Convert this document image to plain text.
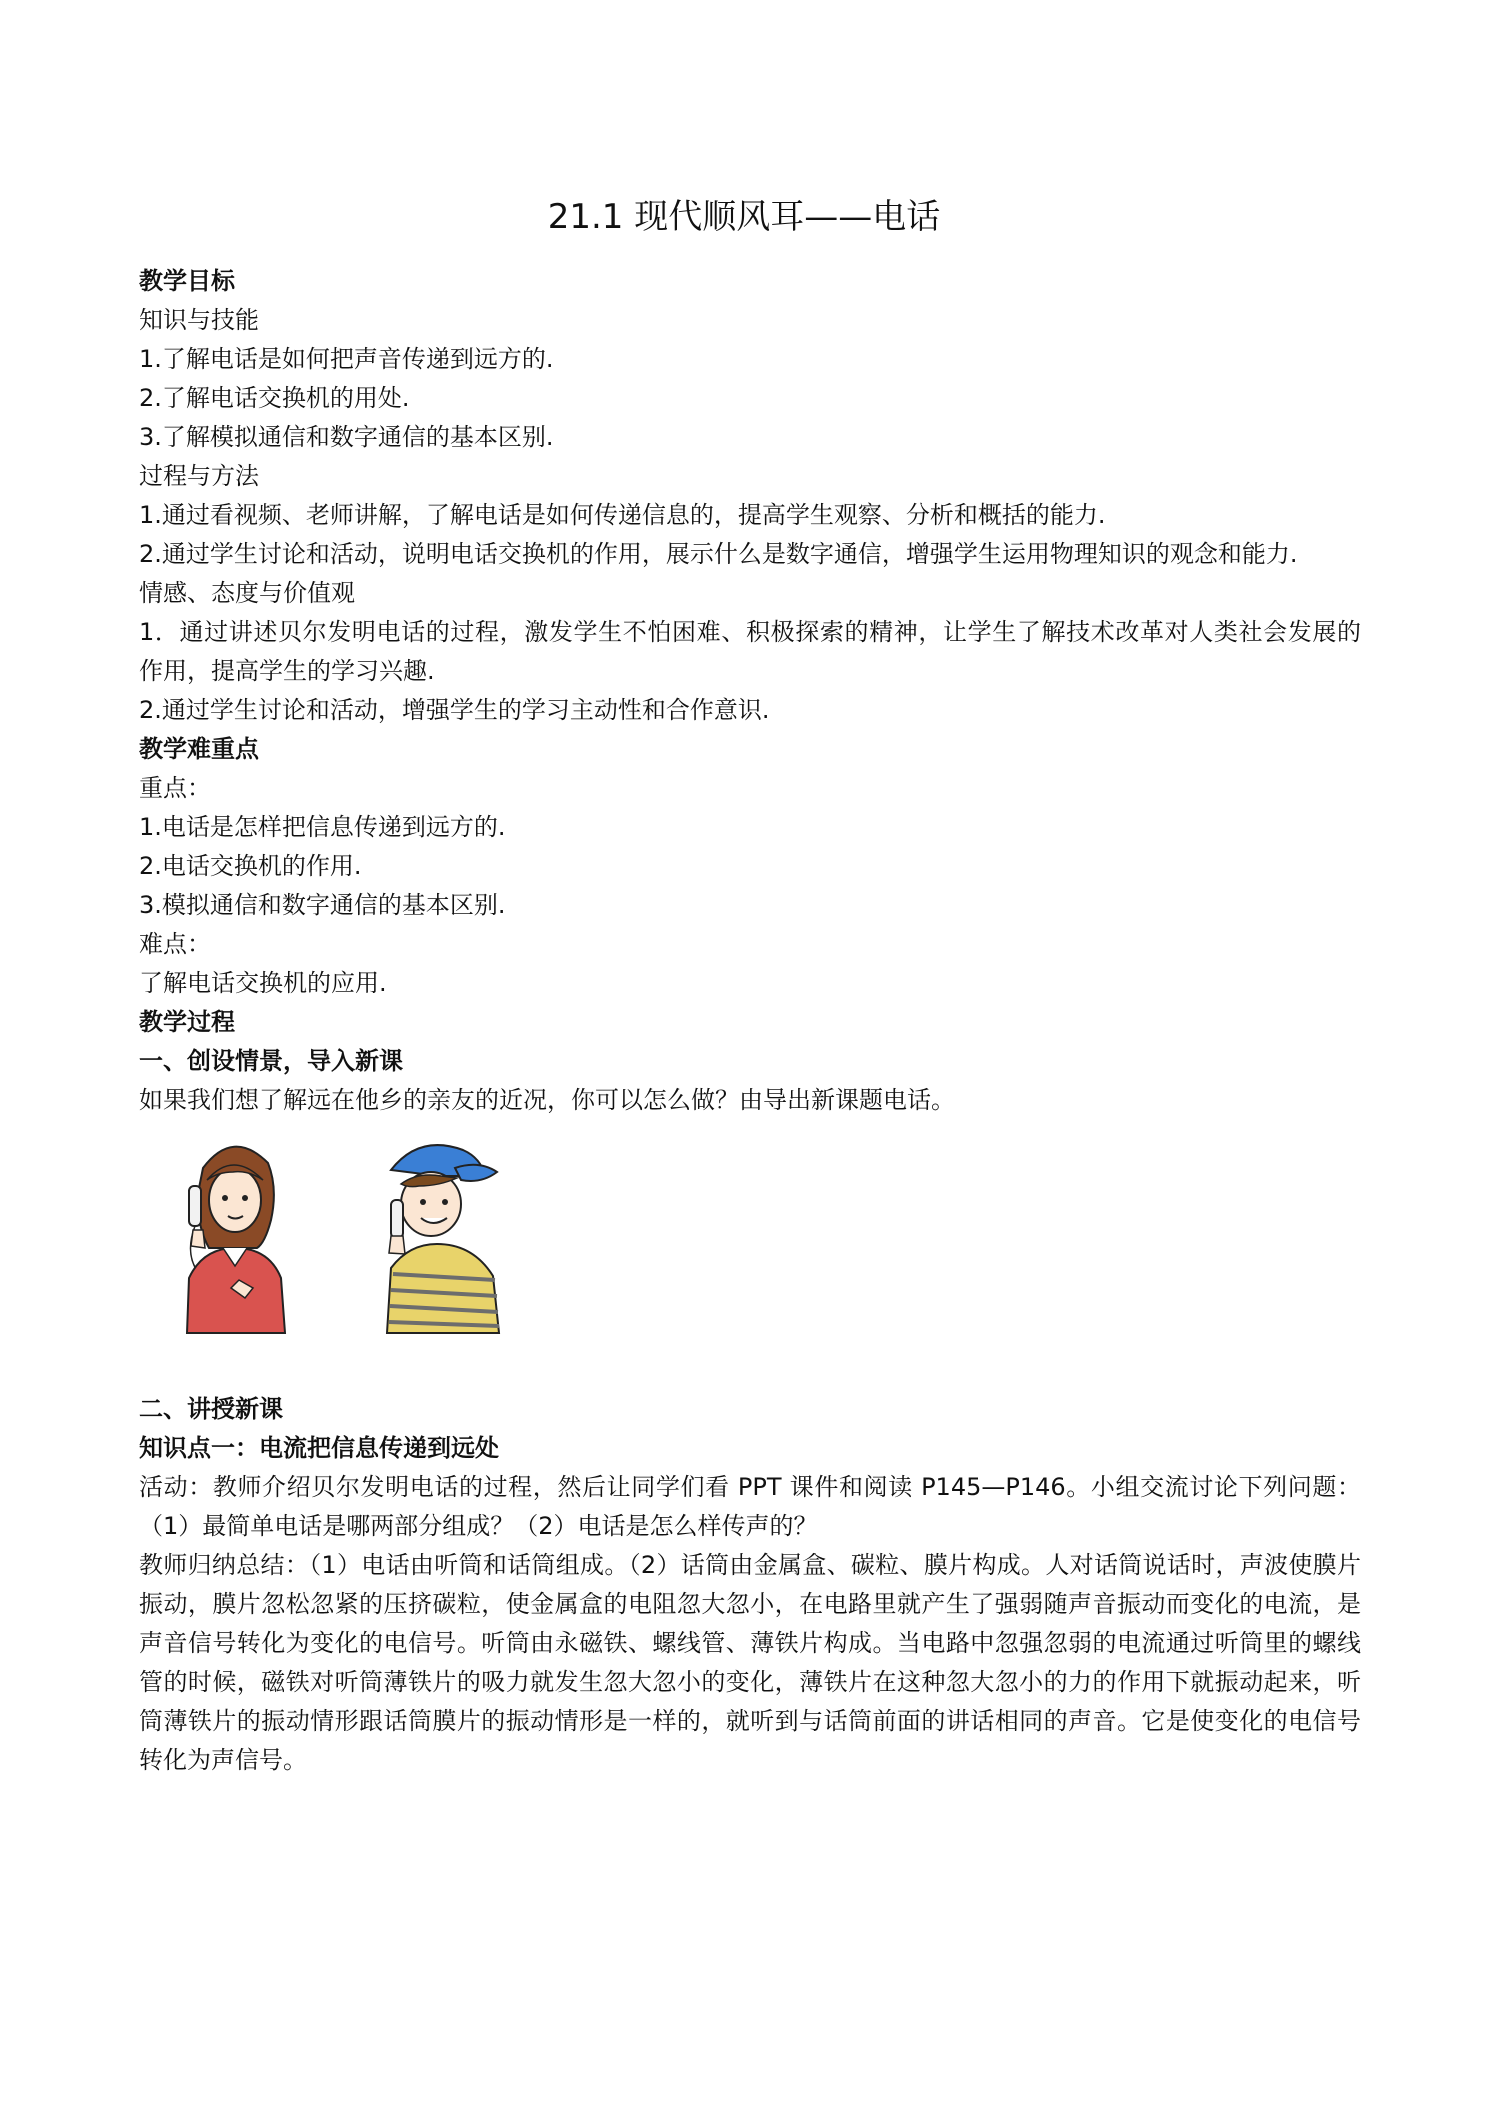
21.1 现代顺风耳——电话

教学目标

知识与技能

1.了解电话是如何把声音传递到远方的.

2.了解电话交换机的用处.

3.了解模拟通信和数字通信的基本区别.

过程与方法

1.通过看视频、老师讲解，了解电话是如何传递信息的，提高学生观察、分析和概括的能力.

2.通过学生讨论和活动，说明电话交换机的作用，展示什么是数字通信，增强学生运用物理知识的观念和能力.

情感、态度与价值观

1．通过讲述贝尔发明电话的过程，激发学生不怕困难、积极探索的精神，让学生了解技术改革对人类社会发展的 作用，提高学生的学习兴趣.

2.通过学生讨论和活动，增强学生的学习主动性和合作意识.

教学难重点

重点：

1.电话是怎样把信息传递到远方的.

2.电话交换机的作用.

3.模拟通信和数字通信的基本区别.

难点：

了解电话交换机的应用.

教学过程

一、创设情景，导入新课

如果我们想了解远在他乡的亲友的近况，你可以怎么做？由导出新课题电话。

二、讲授新课

知识点一：电流把信息传递到远处

活动：教师介绍贝尔发明电话的过程，然后让同学们看 PPT 课件和阅读 P145—P146。小组交流讨论下列问题：（1）最简单电话是哪两部分组成？（2）电话是怎么样传声的？

教师归纳总结：（1）电话由听筒和话筒组成。（2）话筒由金属盒、碳粒、膜片构成。人对话筒说话时，声波使膜片振动，膜片忽松忽紧的压挤碳粒，使金属盒的电阻忽大忽小，在电路里就产生了强弱随声音振动而变化的电流，是声音信号转化为变化的电信号。听筒由永磁铁、螺线管、薄铁片构成。当电路中忽强忽弱的电流通过听筒里的螺线管的时候，磁铁对听筒薄铁片的吸力就发生忽大忽小的变化，薄铁片在这种忽大忽小的力的作用下就振动起来，听筒薄铁片的振动情形跟话筒膜片的振动情形是一样的，就听到与话筒前面的讲话相同的声音。它是使变化的电信号转化为声信号。
